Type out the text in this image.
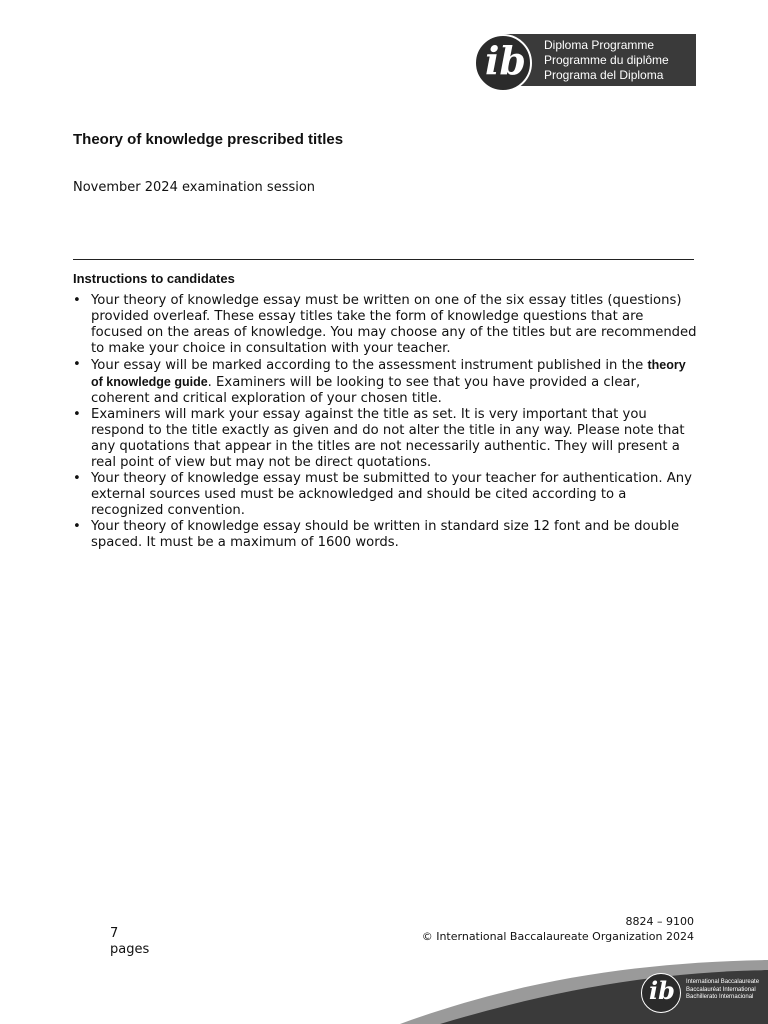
ib Diploma Programme
Programme du diplôme
Programa del Diploma
Theory of knowledge prescribed titles
November 2024 examination session
Instructions to candidates
• Your theory of knowledge essay must be written on one of the six essay titles (questions) provided overleaf. These essay titles take the form of knowledge questions that are focused on the areas of knowledge. You may choose any of the titles but are recommended to make your choice in consultation with your teacher.
• Your essay will be marked according to the assessment instrument published in the theory of knowledge guide. Examiners will be looking to see that you have provided a clear, coherent and critical exploration of your chosen title.
• Examiners will mark your essay against the title as set. It is very important that you respond to the title exactly as given and do not alter the title in any way. Please note that any quotations that appear in the titles are not necessarily authentic. They will present a real point of view but may not be direct quotations.
• Your theory of knowledge essay must be submitted to your teacher for authentication. Any external sources used must be acknowledged and should be cited according to a recognized convention.
• Your theory of knowledge essay should be written in standard size 12 font and be double spaced. It must be a maximum of 1600 words.
7
pages
8824 – 9100
© International Baccalaureate Organization 2024
ib International Baccalaureate
Baccalauréat International
Bachillerato Internacional
